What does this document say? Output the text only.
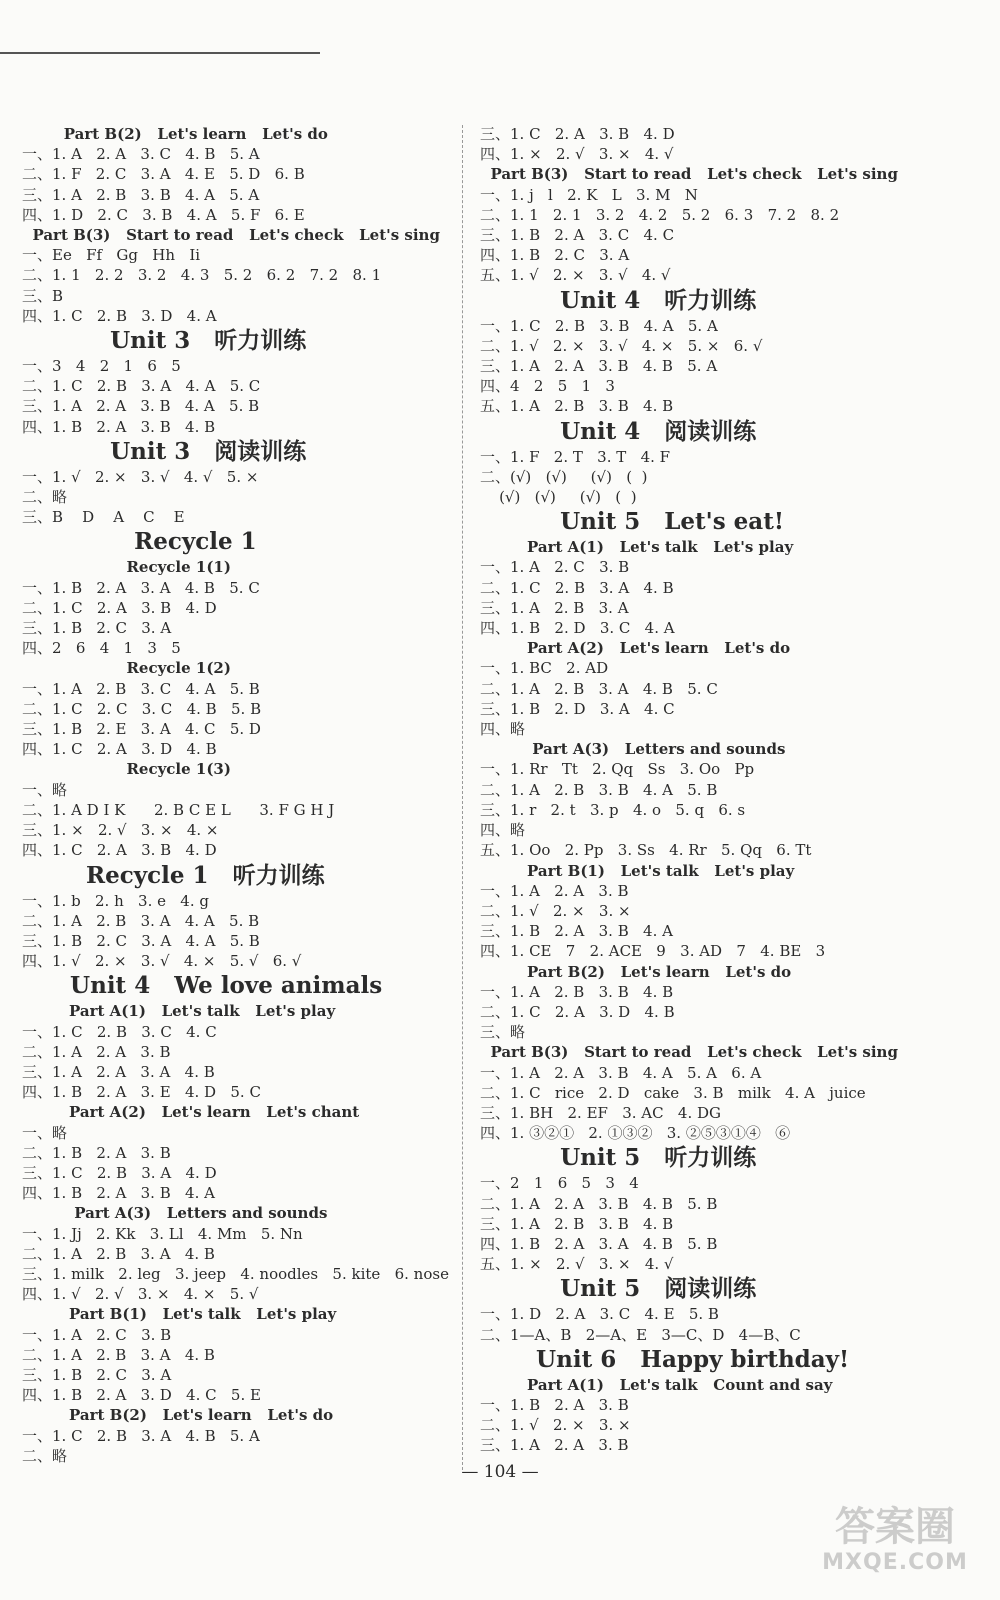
Part B(2)   Let's learn   Let's do
一、1. A   2. A   3. C   4. B   5. A
二、1. F   2. C   3. A   4. E   5. D   6. B
三、1. A   2. B   3. B   4. A   5. A
四、1. D   2. C   3. B   4. A   5. F   6. E
Part B(3)   Start to read   Let's check   Let's sing
一、Ee   Ff   Gg   Hh   Ii
二、1. 1   2. 2   3. 2   4. 3   5. 2   6. 2   7. 2   8. 1
三、B
四、1. C   2. B   3. D   4. A
Unit 3   听力训练
一、3   4   2   1   6   5
二、1. C   2. B   3. A   4. A   5. C
三、1. A   2. A   3. B   4. A   5. B
四、1. B   2. A   3. B   4. B
Unit 3   阅读训练
一、1. √   2. ×   3. √   4. √   5. ×
二、略
三、B    D    A    C    E
Recycle 1
Recycle 1(1)
一、1. B   2. A   3. A   4. B   5. C
二、1. C   2. A   3. B   4. D
三、1. B   2. C   3. A
四、2   6   4   1   3   5
Recycle 1(2)
一、1. A   2. B   3. C   4. A   5. B
二、1. C   2. C   3. C   4. B   5. B
三、1. B   2. E   3. A   4. C   5. D
四、1. C   2. A   3. D   4. B
Recycle 1(3)
一、略
二、1. A D I K      2. B C E L      3. F G H J
三、1. ×   2. √   3. ×   4. ×
四、1. C   2. A   3. B   4. D
Recycle 1   听力训练
一、1. b   2. h   3. e   4. g
二、1. A   2. B   3. A   4. A   5. B
三、1. B   2. C   3. A   4. A   5. B
四、1. √   2. ×   3. √   4. ×   5. √   6. √
Unit 4   We love animals
Part A(1)   Let's talk   Let's play
一、1. C   2. B   3. C   4. C
二、1. A   2. A   3. B
三、1. A   2. A   3. A   4. B
四、1. B   2. A   3. E   4. D   5. C
Part A(2)   Let's learn   Let's chant
一、略
二、1. B   2. A   3. B
三、1. C   2. B   3. A   4. D
四、1. B   2. A   3. B   4. A
Part A(3)   Letters and sounds
一、1. Jj   2. Kk   3. Ll   4. Mm   5. Nn
二、1. A   2. B   3. A   4. B
三、1. milk   2. leg   3. jeep   4. noodles   5. kite   6. nose
四、1. √   2. √   3. ×   4. ×   5. √
Part B(1)   Let's talk   Let's play
一、1. A   2. C   3. B
二、1. A   2. B   3. A   4. B
三、1. B   2. C   3. A
四、1. B   2. A   3. D   4. C   5. E
Part B(2)   Let's learn   Let's do
一、1. C   2. B   3. A   4. B   5. A
二、略
三、1. C   2. A   3. B   4. D
四、1. ×   2. √   3. ×   4. √
Part B(3)   Start to read   Let's check   Let's sing
一、1. j   l   2. K   L   3. M   N
二、1. 1   2. 1   3. 2   4. 2   5. 2   6. 3   7. 2   8. 2
三、1. B   2. A   3. C   4. C
四、1. B   2. C   3. A
五、1. √   2. ×   3. √   4. √
Unit 4   听力训练
一、1. C   2. B   3. B   4. A   5. A
二、1. √   2. ×   3. √   4. ×   5. ×   6. √
三、1. A   2. A   3. B   4. B   5. A
四、4   2   5   1   3
五、1. A   2. B   3. B   4. B
Unit 4   阅读训练
一、1. F   2. T   3. T   4. F
二、(√)   (√)     (√)   (  )
(√)   (√)     (√)   (  )
Unit 5   Let's eat!
Part A(1)   Let's talk   Let's play
一、1. A   2. C   3. B
二、1. C   2. B   3. A   4. B
三、1. A   2. B   3. A
四、1. B   2. D   3. C   4. A
Part A(2)   Let's learn   Let's do
一、1. BC   2. AD
二、1. A   2. B   3. A   4. B   5. C
三、1. B   2. D   3. A   4. C
四、略
Part A(3)   Letters and sounds
一、1. Rr   Tt   2. Qq   Ss   3. Oo   Pp
二、1. A   2. B   3. B   4. A   5. B
三、1. r   2. t   3. p   4. o   5. q   6. s
四、略
五、1. Oo   2. Pp   3. Ss   4. Rr   5. Qq   6. Tt
Part B(1)   Let's talk   Let's play
一、1. A   2. A   3. B
二、1. √   2. ×   3. ×
三、1. B   2. A   3. B   4. A
四、1. CE   7   2. ACE   9   3. AD   7   4. BE   3
Part B(2)   Let's learn   Let's do
一、1. A   2. B   3. B   4. B
二、1. C   2. A   3. D   4. B
三、略
Part B(3)   Start to read   Let's check   Let's sing
一、1. A   2. A   3. B   4. A   5. A   6. A
二、1. C   rice   2. D   cake   3. B   milk   4. A   juice
三、1. BH   2. EF   3. AC   4. DG
四、1. ③②①   2. ①③②   3. ②⑤③①④   ⑥
Unit 5   听力训练
一、2   1   6   5   3   4
二、1. A   2. A   3. B   4. B   5. B
三、1. A   2. B   3. B   4. B
四、1. B   2. A   3. A   4. B   5. B
五、1. ×   2. √   3. ×   4. √
Unit 5   阅读训练
一、1. D   2. A   3. C   4. E   5. B
二、1—A、B   2—A、E   3—C、D   4—B、C
Unit 6   Happy birthday!
Part A(1)   Let's talk   Count and say
一、1. B   2. A   3. B
二、1. √   2. ×   3. ×
三、1. A   2. A   3. B
— 104 —
答案圈
MXQE.COM
